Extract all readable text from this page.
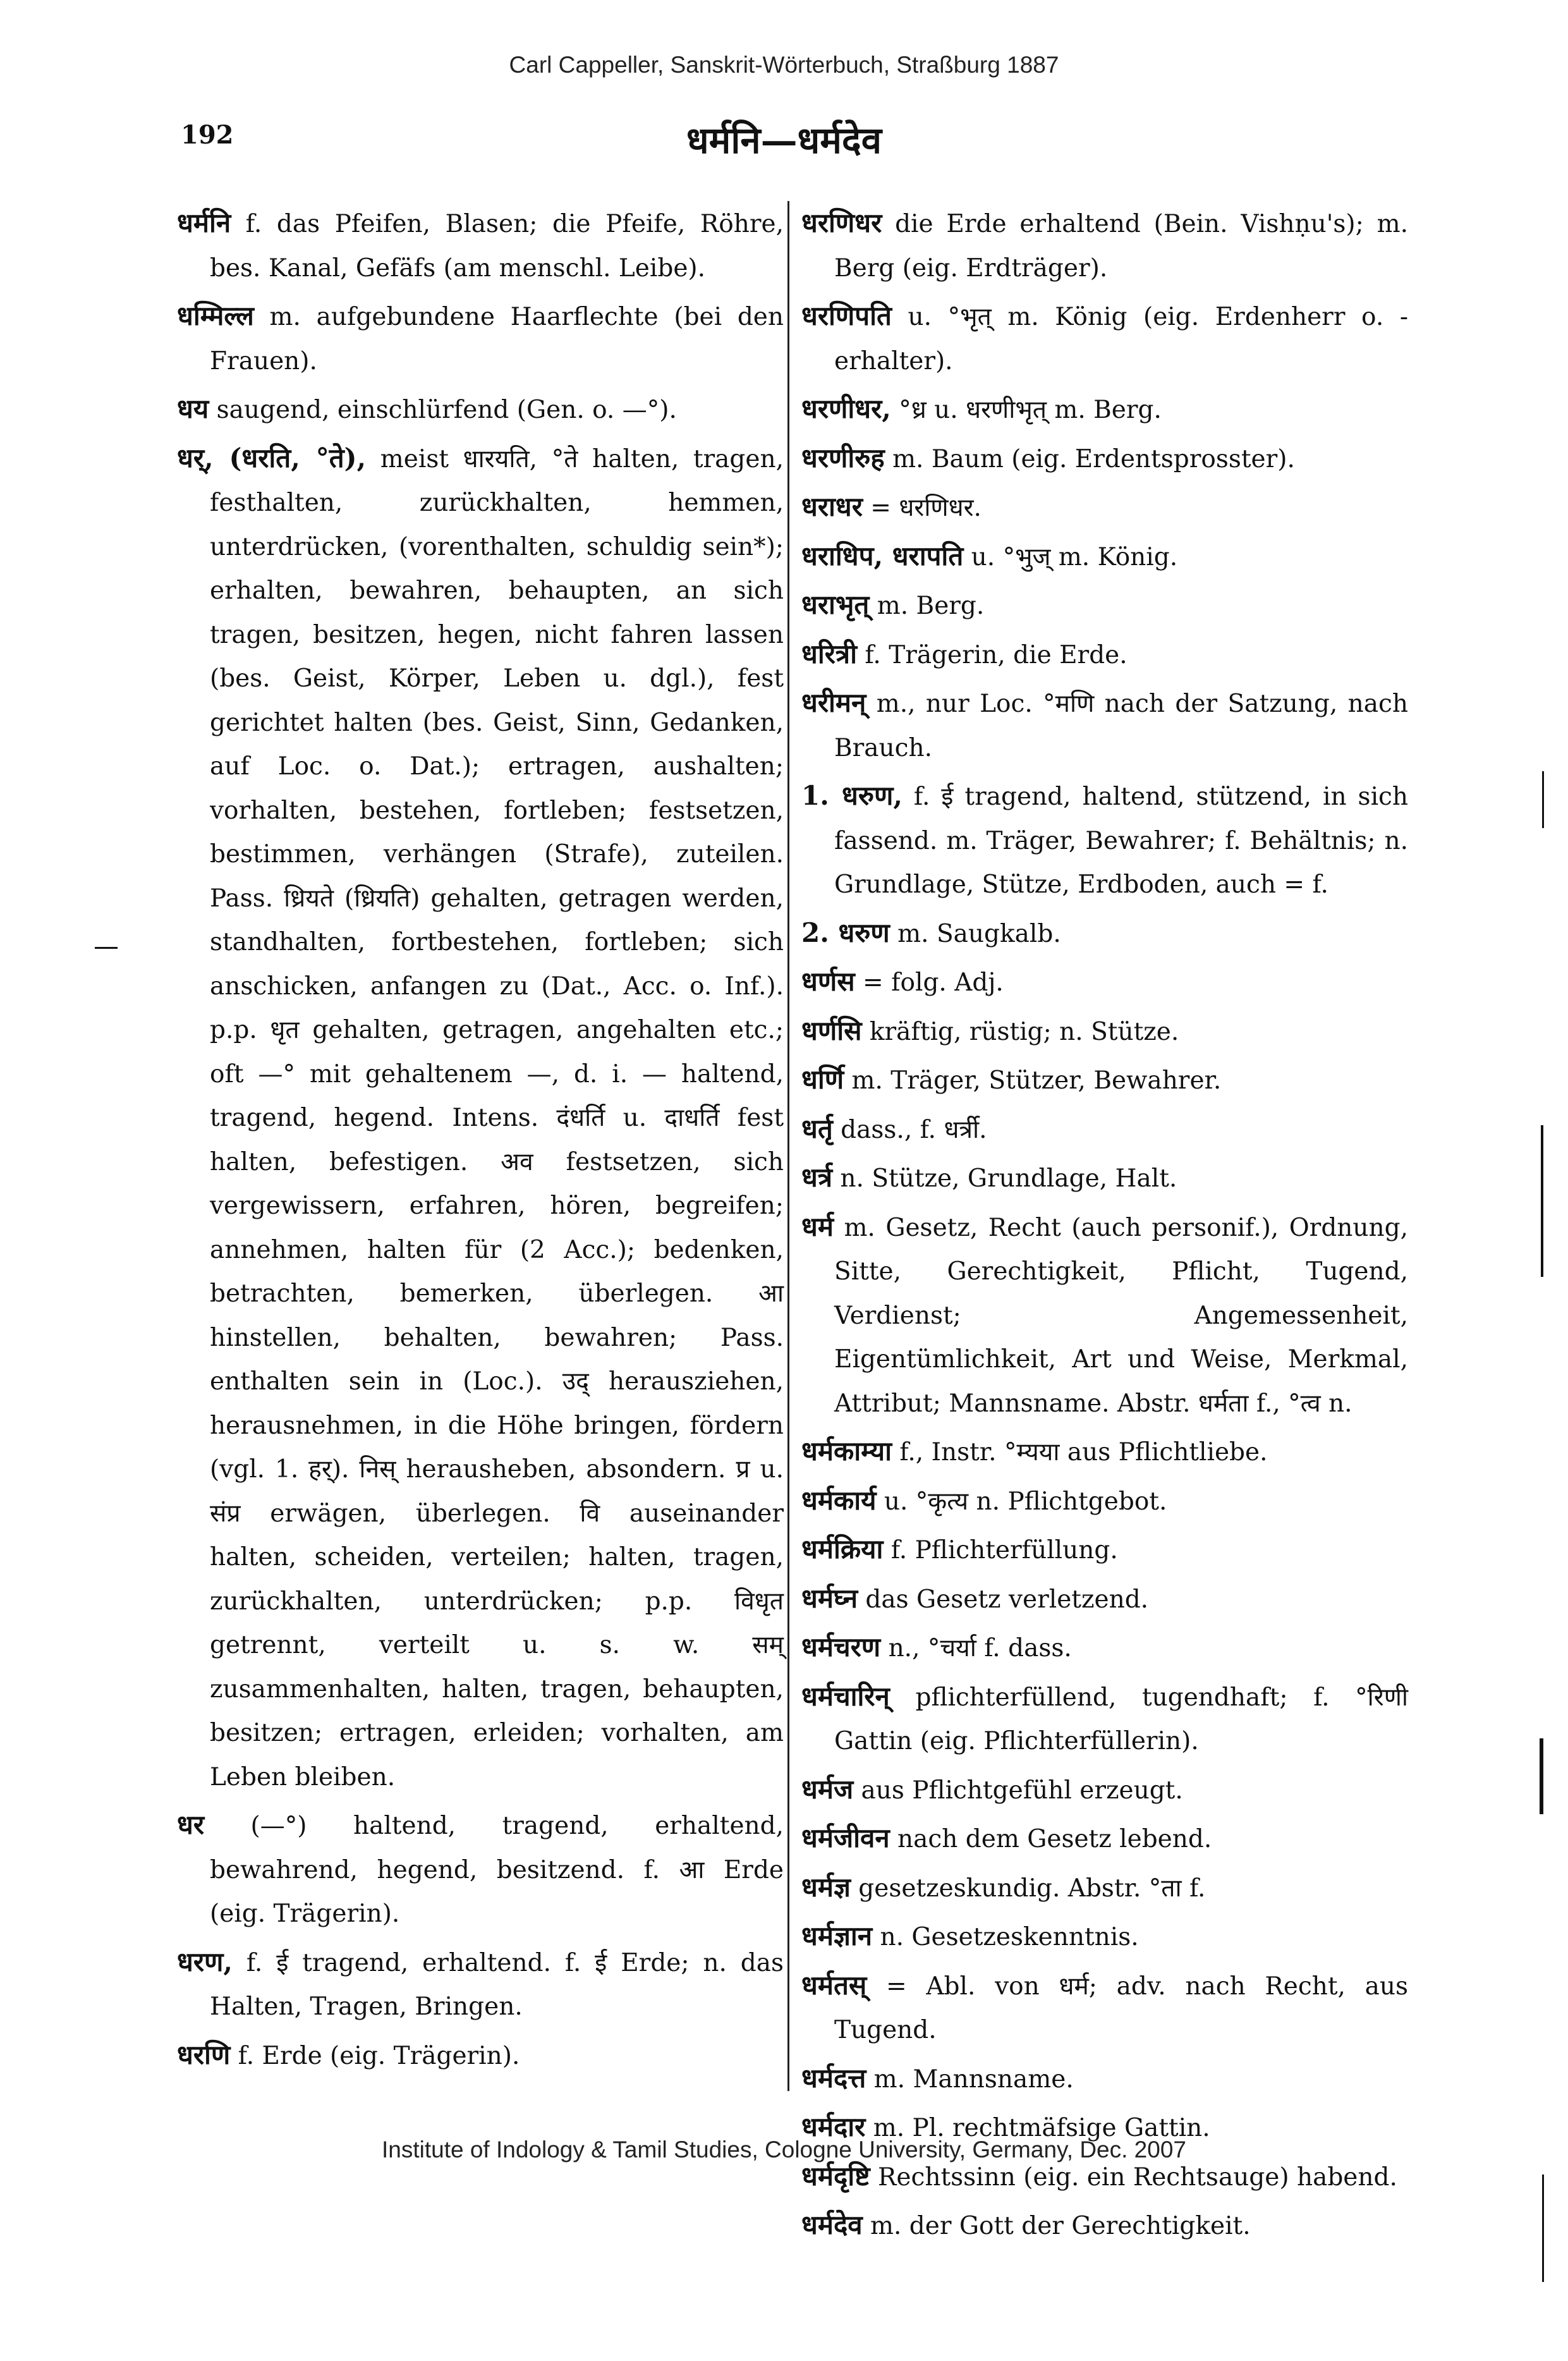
Carl Cappeller, Sanskrit-Wörterbuch, Straßburg 1887
192	धर्मनि—धर्मदेव

धर्मनि f. das Pfeifen, Blasen; die Pfeife, Röhre, bes. Kanal, Gefäfs (am menschl. Leibe).

धम्मिल्ल m. aufgebundene Haarflechte (bei den Frauen).

धय saugend, einschlürfend (Gen. o. —°).

धर्, (धरति, °ते), meist धारयति, °ते halten, tragen, festhalten, zurückhalten, hemmen, unterdrücken, (vorenthalten, schuldig sein*); erhalten, bewahren, behaupten, an sich tragen, besitzen, hegen, nicht fahren lassen (bes. Geist, Körper, Leben u. dgl.), fest gerichtet halten (bes. Geist, Sinn, Gedanken, auf Loc. o. Dat.); ertragen, aushalten; vorhalten, bestehen, fortleben; festsetzen, bestimmen, verhängen (Strafe), zuteilen. Pass. ध्रियते (ध्रियति) gehalten, getragen werden, standhalten, fortbestehen, fortleben; sich anschicken, anfangen zu (Dat., Acc. o. Inf.). p.p. धृत gehalten, getragen, angehalten etc.; oft —° mit gehaltenem —, d. i. — haltend, tragend, hegend. Intens. दंधर्ति u. दाधर्ति fest halten, befestigen. अव festsetzen, sich vergewissern, erfahren, hören, begreifen; annehmen, halten für (2 Acc.); bedenken, betrachten, bemerken, überlegen. आ hinstellen, behalten, bewahren; Pass. enthalten sein in (Loc.). उद् herausziehen, herausnehmen, in die Höhe bringen, fördern (vgl. 1. हर्). निस् herausheben, absondern. प्र u. संप्र erwägen, überlegen. वि auseinander halten, scheiden, verteilen; halten, tragen, zurückhalten, unterdrücken; p.p. विधृत getrennt, verteilt u. s. w. सम् zusammenhalten, halten, tragen, behaupten, besitzen; ertragen, erleiden; vorhalten, am Leben bleiben.

धर (—°) haltend, tragend, erhaltend, bewahrend, hegend, besitzend. f. आ Erde (eig. Trägerin).

धरण, f. ई tragend, erhaltend. f. ई Erde; n. das Halten, Tragen, Bringen.

धरणि f. Erde (eig. Trägerin).

धरणिधर die Erde erhaltend (Bein. Vishṇu's); m. Berg (eig. Erdträger).

धरणिपति u. °भृत् m. König (eig. Erdenherr o. -erhalter).

धरणीधर, °ध्र u. धरणीभृत् m. Berg.

धरणीरुह m. Baum (eig. Erdentsprosster).

धराधर = धरणिधर.

धराधिप, धरापति u. °भुज् m. König.

धराभृत् m. Berg.

धरित्री f. Trägerin, die Erde.

धरीमन् m., nur Loc. °मणि nach der Satzung, nach Brauch.

1. धरुण, f. ई tragend, haltend, stützend, in sich fassend. m. Träger, Bewahrer; f. Behältnis; n. Grundlage, Stütze, Erdboden, auch = f.

2. धरुण m. Saugkalb.

धर्णस = folg. Adj.

धर्णसि kräftig, rüstig; n. Stütze.

धर्णि m. Träger, Stützer, Bewahrer.

धर्तृ dass., f. धर्त्री.

धर्त्र n. Stütze, Grundlage, Halt.

धर्म m. Gesetz, Recht (auch personif.), Ordnung, Sitte, Gerechtigkeit, Pflicht, Tugend, Verdienst; Angemessenheit, Eigentümlichkeit, Art und Weise, Merkmal, Attribut; Mannsname. Abstr. धर्मता f., °त्व n.

धर्मकाम्या f., Instr. °म्यया aus Pflichtliebe.

धर्मकार्य u. °कृत्य n. Pflichtgebot.

धर्मक्रिया f. Pflichterfüllung.

धर्मघ्न das Gesetz verletzend.

धर्मचरण n., °चर्या f. dass.

धर्मचारिन् pflichterfüllend, tugendhaft; f. °रिणी Gattin (eig. Pflichterfüllerin).

धर्मज aus Pflichtgefühl erzeugt.

धर्मजीवन nach dem Gesetz lebend.

धर्मज्ञ gesetzeskundig. Abstr. °ता f.

धर्मज्ञान n. Gesetzeskenntnis.

धर्मतस् = Abl. von धर्म; adv. nach Recht, aus Tugend.

धर्मदत्त m. Mannsname.

धर्मदार m. Pl. rechtmäfsige Gattin.

धर्मदृष्टि Rechtssinn (eig. ein Rechtsauge) habend.

धर्मदेव m. der Gott der Gerechtigkeit.

Institute of Indology & Tamil Studies, Cologne University, Germany, Dec. 2007
